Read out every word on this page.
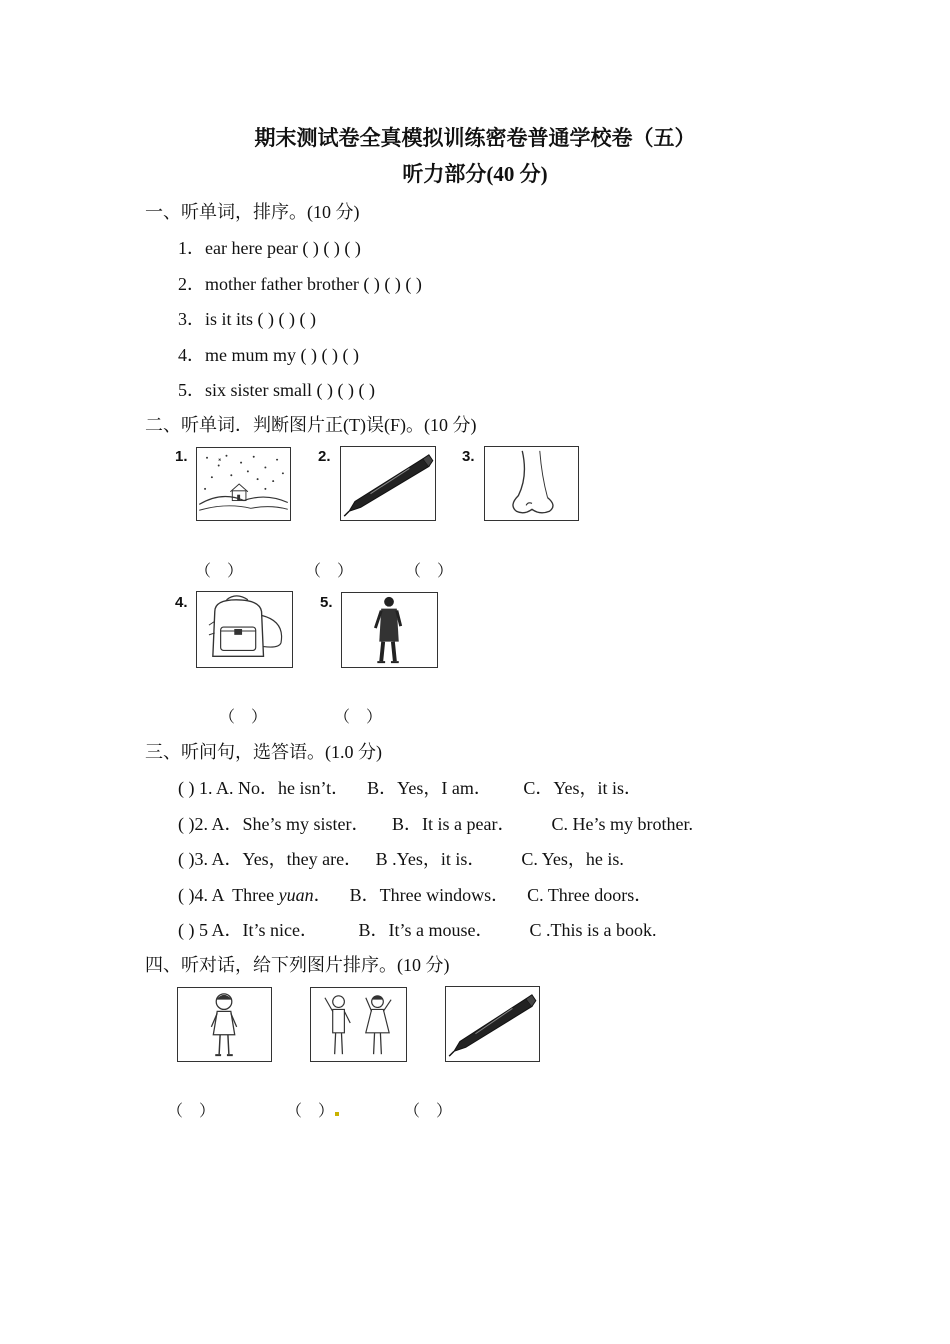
期末测试卷全真模拟训练密卷普通学校卷（五）
听力部分(40 分)
一、听单词，排序。(10 分)
1．ear here pear ( ) ( ) ( )
2．mother father brother ( ) ( ) ( )
3．is it its ( ) ( ) ( )
4．me mum my ( ) ( ) ( )
5．six sister small ( ) ( ) ( )
二、听单词．判断图片正(T)误(F)。(10 分)
1.	2.	3.
（    ）	（    ）	（    ）
4.	5.
（    ）	（    ）
三、听问句，选答语。(1.0 分)
( ) 1. A. No．he isn’t．    B．Yes，I am．       C．Yes，it is．
( )2. A．She’s my sister．     B．It is a pear．        C. He’s my brother.
( )3. A．Yes，they are．   B .Yes，it is．        C. Yes，he is.
( )4. A  Three yuan．    B．Three windows．    C. Three doors．
( ) 5 A．It’s nice．         B．It’s a mouse．        C .This is a book.
四、听对话，给下列图片排序。(10 分)
（    ）	（    ）	（    ）
